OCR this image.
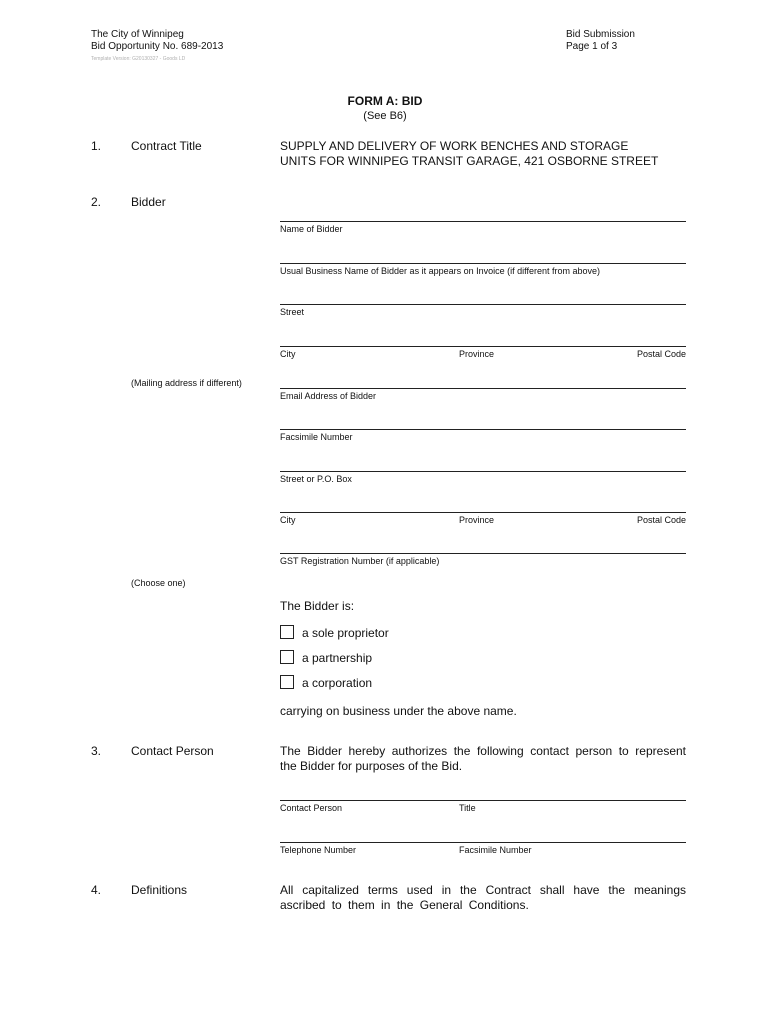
The City of Winnipeg
Bid Opportunity No. 689-2013
Template Version: G20130327 - Goods LD
Bid Submission
Page 1 of 3
FORM A: BID
(See B6)
1. Contract Title	SUPPLY AND DELIVERY OF WORK BENCHES AND STORAGE
UNITS FOR WINNIPEG TRANSIT GARAGE, 421 OSBORNE STREET
2. Bidder
Name of Bidder
Usual Business Name of Bidder as it appears on Invoice (if different from above)
Street
City	Province	Postal Code
(Mailing address if different)
Email Address of Bidder
Facsimile Number
Street or P.O. Box
City	Province	Postal Code
GST Registration Number (if applicable)
(Choose one)
The Bidder is:
a sole proprietor
a partnership
a corporation
carrying on business under the above name.
3. Contact Person	The Bidder hereby authorizes the following contact person to represent
the Bidder for purposes of the Bid.
Contact Person	Title
Telephone Number	Facsimile Number
4. Definitions	All capitalized terms used in the Contract shall have the meanings
ascribed to them in the General Conditions.
